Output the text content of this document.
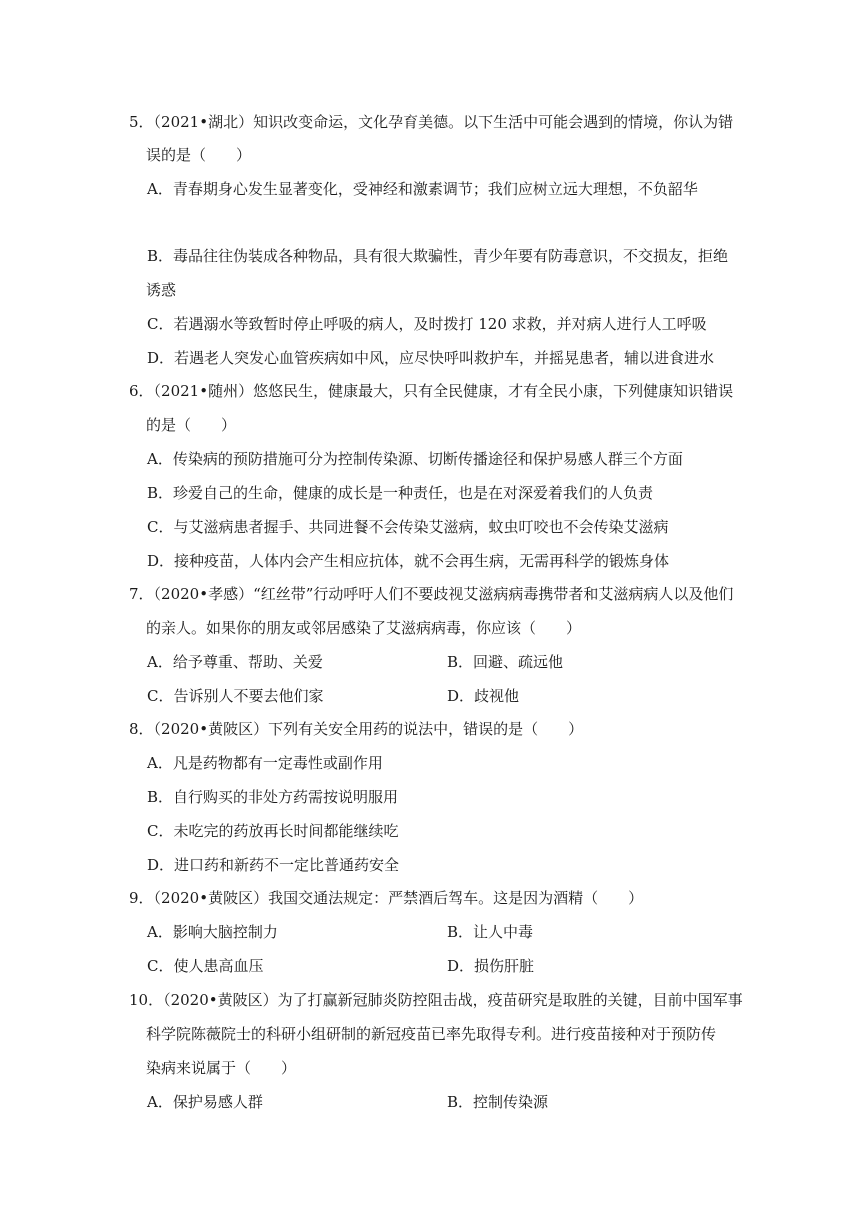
5．（2021•湖北）知识改变命运，文化孕育美德。以下生活中可能会遇到的情境，你认为错
误的是（　　）
A．青春期身心发生显著变化，受神经和激素调节；我们应树立远大理想，不负韶华
B．毒品往往伪装成各种物品，具有很大欺骗性，青少年要有防毒意识，不交损友，拒绝
诱惑
C．若遇溺水等致暂时停止呼吸的病人，及时拨打 120 求救，并对病人进行人工呼吸
D．若遇老人突发心血管疾病如中风，应尽快呼叫救护车，并摇晃患者，辅以进食进水
6．（2021•随州）悠悠民生，健康最大，只有全民健康，才有全民小康，下列健康知识错误
的是（　　）
A．传染病的预防措施可分为控制传染源、切断传播途径和保护易感人群三个方面
B．珍爱自己的生命，健康的成长是一种责任，也是在对深爱着我们的人负责
C．与艾滋病患者握手、共同进餐不会传染艾滋病，蚊虫叮咬也不会传染艾滋病
D．接种疫苗，人体内会产生相应抗体，就不会再生病，无需再科学的锻炼身体
7．（2020•孝感）“红丝带”行动呼吁人们不要歧视艾滋病病毒携带者和艾滋病病人以及他们
的亲人。如果你的朋友或邻居感染了艾滋病病毒，你应该（　　）
A．给予尊重、帮助、关爱	B．回避、疏远他
C．告诉别人不要去他们家	D．歧视他
8．（2020•黄陂区）下列有关安全用药的说法中，错误的是（　　）
A．凡是药物都有一定毒性或副作用
B．自行购买的非处方药需按说明服用
C．未吃完的药放再长时间都能继续吃
D．进口药和新药不一定比普通药安全
9．（2020•黄陂区）我国交通法规定：严禁酒后驾车。这是因为酒精（　　）
A．影响大脑控制力	B．让人中毒
C．使人患高血压	D．损伤肝脏
10．（2020•黄陂区）为了打赢新冠肺炎防控阻击战，疫苗研究是取胜的关键，目前中国军事
科学院陈薇院士的科研小组研制的新冠疫苗已率先取得专利。进行疫苗接种对于预防传
染病来说属于（　　）
A．保护易感人群	B．控制传染源
